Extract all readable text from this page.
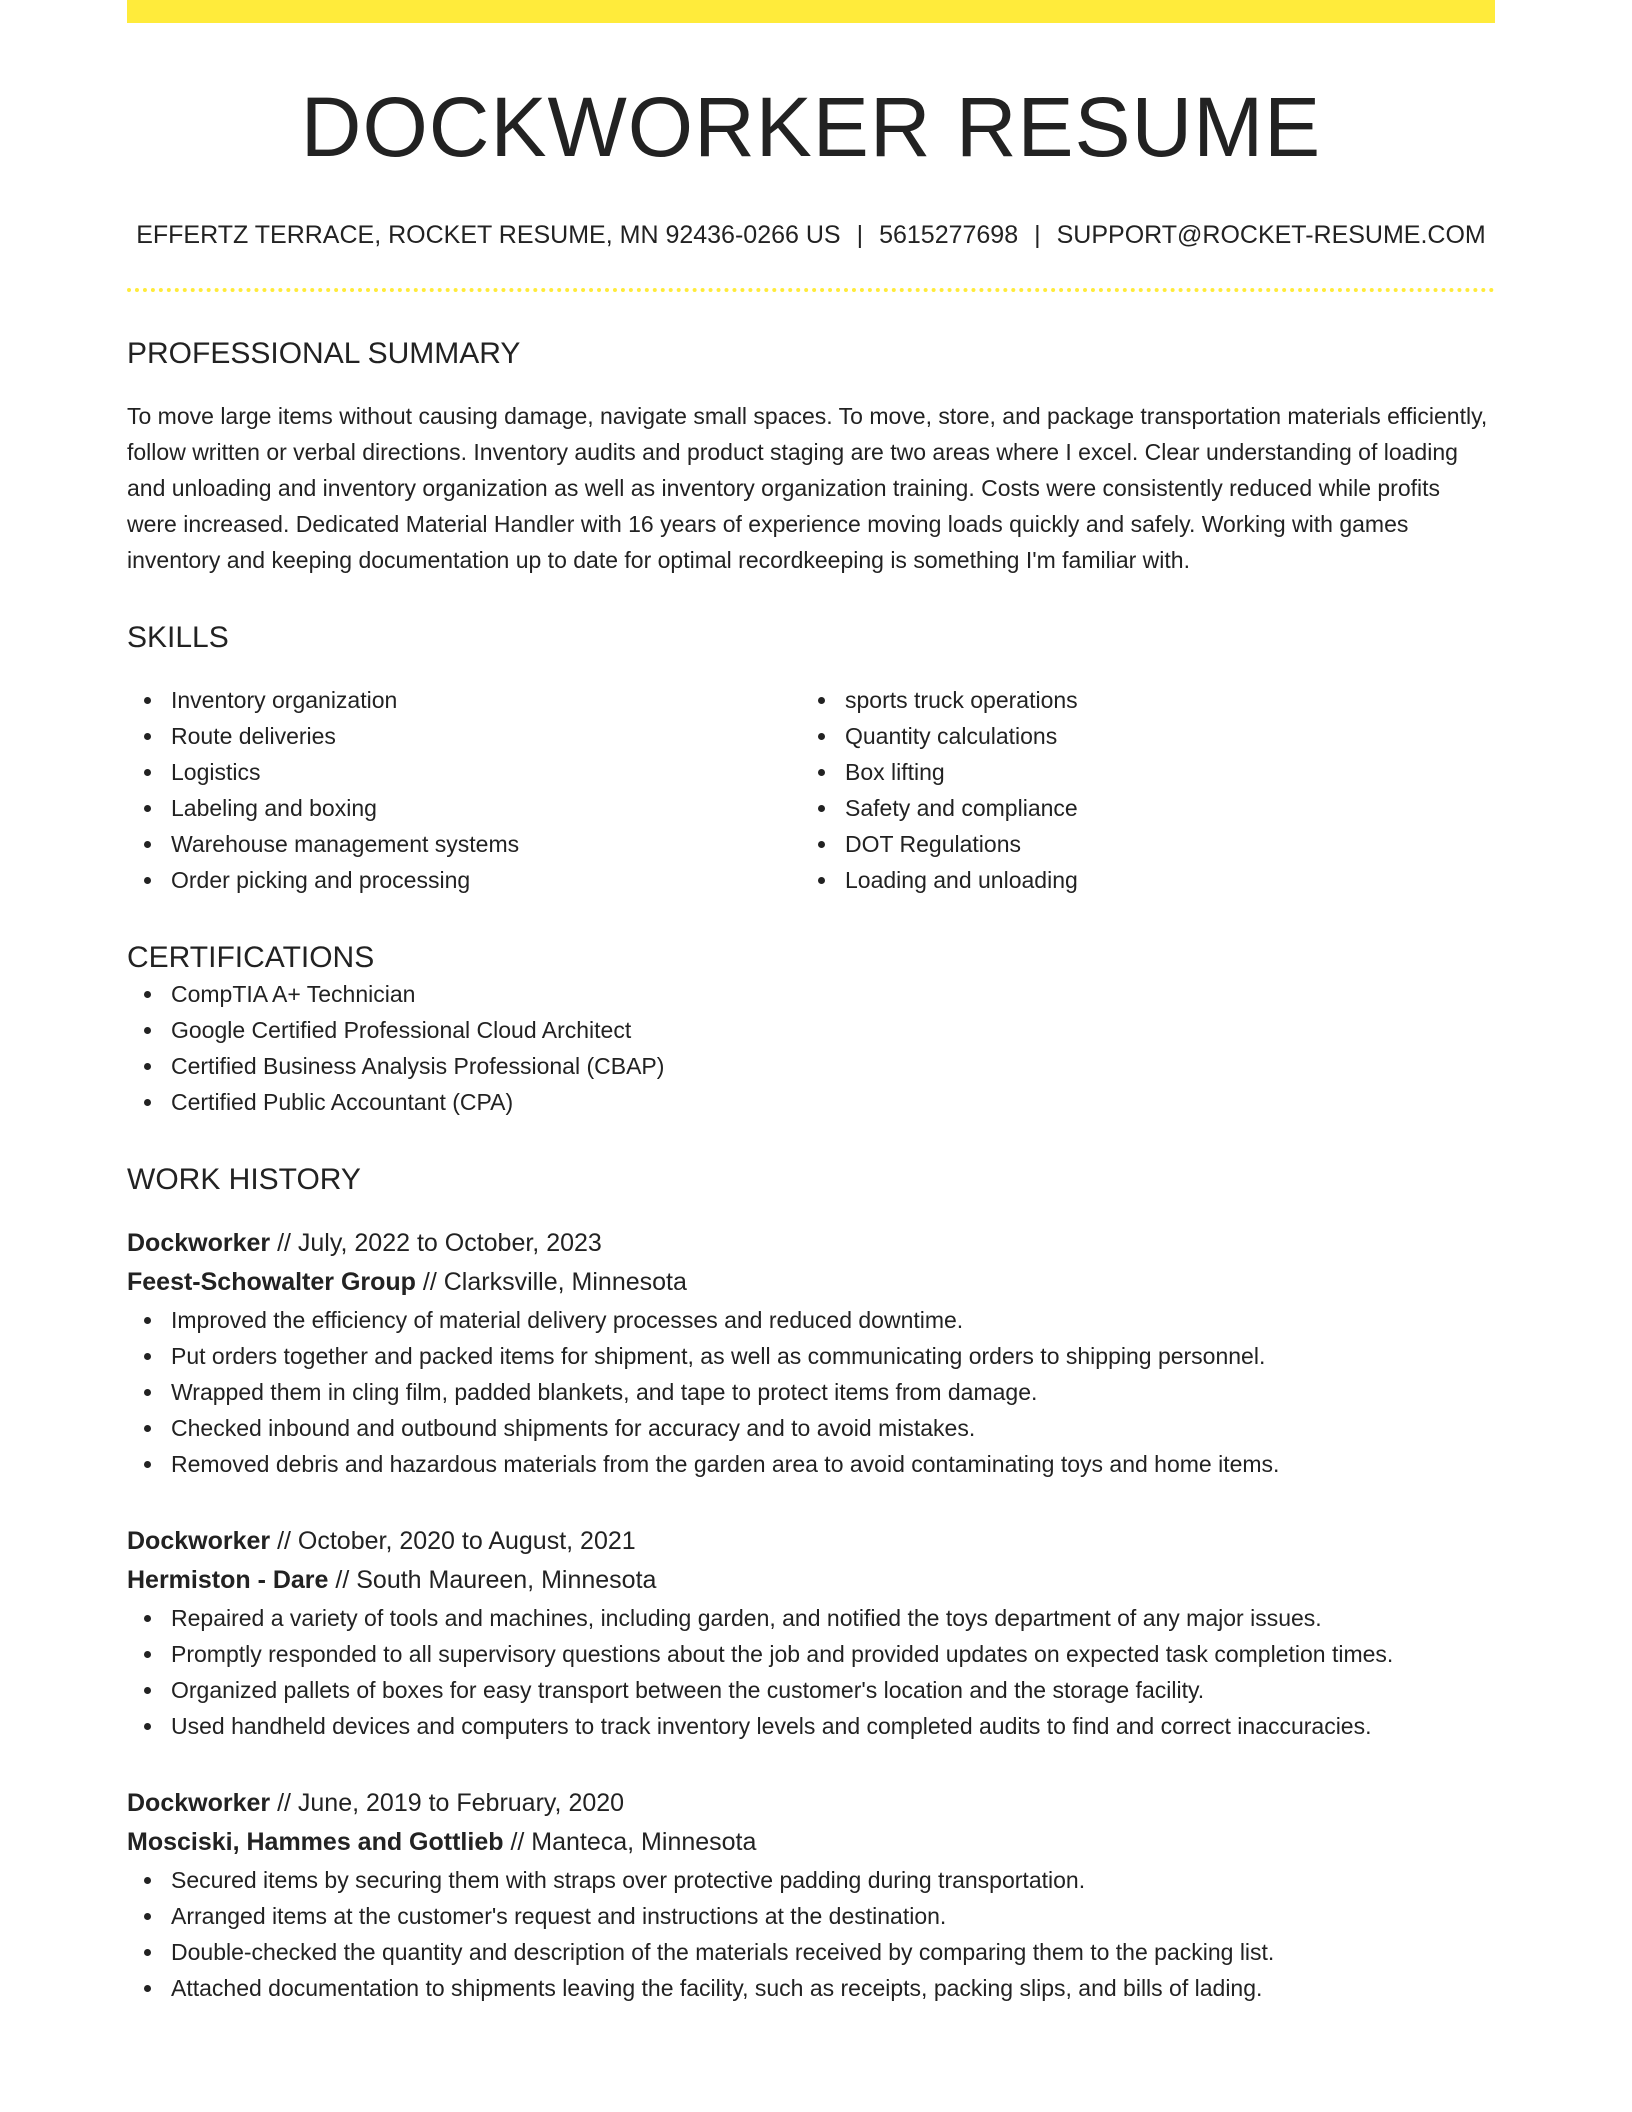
DOCKWORKER RESUME
EFFERTZ TERRACE, ROCKET RESUME, MN 92436-0266 US | 5615277698 | SUPPORT@ROCKET-RESUME.COM
PROFESSIONAL SUMMARY
To move large items without causing damage, navigate small spaces. To move, store, and package transportation materials efficiently, follow written or verbal directions. Inventory audits and product staging are two areas where I excel. Clear understanding of loading and unloading and inventory organization as well as inventory organization training. Costs were consistently reduced while profits were increased. Dedicated Material Handler with 16 years of experience moving loads quickly and safely. Working with games inventory and keeping documentation up to date for optimal recordkeeping is something I'm familiar with.
SKILLS
Inventory organization
Route deliveries
Logistics
Labeling and boxing
Warehouse management systems
Order picking and processing
sports truck operations
Quantity calculations
Box lifting
Safety and compliance
DOT Regulations
Loading and unloading
CERTIFICATIONS
CompTIA A+ Technician
Google Certified Professional Cloud Architect
Certified Business Analysis Professional (CBAP)
Certified Public Accountant (CPA)
WORK HISTORY
Dockworker // July, 2022 to October, 2023
Feest-Schowalter Group // Clarksville, Minnesota
Improved the efficiency of material delivery processes and reduced downtime.
Put orders together and packed items for shipment, as well as communicating orders to shipping personnel.
Wrapped them in cling film, padded blankets, and tape to protect items from damage.
Checked inbound and outbound shipments for accuracy and to avoid mistakes.
Removed debris and hazardous materials from the garden area to avoid contaminating toys and home items.
Dockworker // October, 2020 to August, 2021
Hermiston - Dare // South Maureen, Minnesota
Repaired a variety of tools and machines, including garden, and notified the toys department of any major issues.
Promptly responded to all supervisory questions about the job and provided updates on expected task completion times.
Organized pallets of boxes for easy transport between the customer's location and the storage facility.
Used handheld devices and computers to track inventory levels and completed audits to find and correct inaccuracies.
Dockworker // June, 2019 to February, 2020
Mosciski, Hammes and Gottlieb // Manteca, Minnesota
Secured items by securing them with straps over protective padding during transportation.
Arranged items at the customer's request and instructions at the destination.
Double-checked the quantity and description of the materials received by comparing them to the packing list.
Attached documentation to shipments leaving the facility, such as receipts, packing slips, and bills of lading.
